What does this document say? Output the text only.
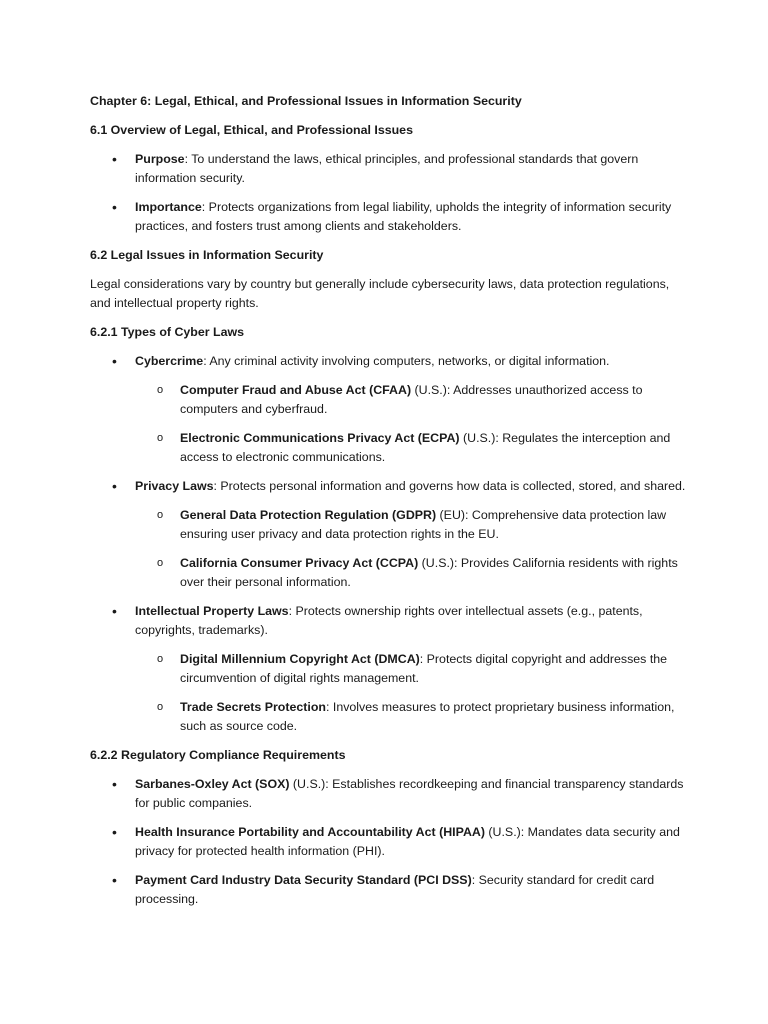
Chapter 6: Legal, Ethical, and Professional Issues in Information Security

6.1 Overview of Legal, Ethical, and Professional Issues

• Purpose: To understand the laws, ethical principles, and professional standards that govern information security.
• Importance: Protects organizations from legal liability, upholds the integrity of information security practices, and fosters trust among clients and stakeholders.

6.2 Legal Issues in Information Security

Legal considerations vary by country but generally include cybersecurity laws, data protection regulations, and intellectual property rights.

6.2.1 Types of Cyber Laws

• Cybercrime: Any criminal activity involving computers, networks, or digital information.
o Computer Fraud and Abuse Act (CFAA) (U.S.): Addresses unauthorized access to computers and cyberfraud.
o Electronic Communications Privacy Act (ECPA) (U.S.): Regulates the interception and access to electronic communications.
• Privacy Laws: Protects personal information and governs how data is collected, stored, and shared.
o General Data Protection Regulation (GDPR) (EU): Comprehensive data protection law ensuring user privacy and data protection rights in the EU.
o California Consumer Privacy Act (CCPA) (U.S.): Provides California residents with rights over their personal information.
• Intellectual Property Laws: Protects ownership rights over intellectual assets (e.g., patents, copyrights, trademarks).
o Digital Millennium Copyright Act (DMCA): Protects digital copyright and addresses the circumvention of digital rights management.
o Trade Secrets Protection: Involves measures to protect proprietary business information, such as source code.

6.2.2 Regulatory Compliance Requirements

• Sarbanes-Oxley Act (SOX) (U.S.): Establishes recordkeeping and financial transparency standards for public companies.
• Health Insurance Portability and Accountability Act (HIPAA) (U.S.): Mandates data security and privacy for protected health information (PHI).
• Payment Card Industry Data Security Standard (PCI DSS): Security standard for credit card processing.
